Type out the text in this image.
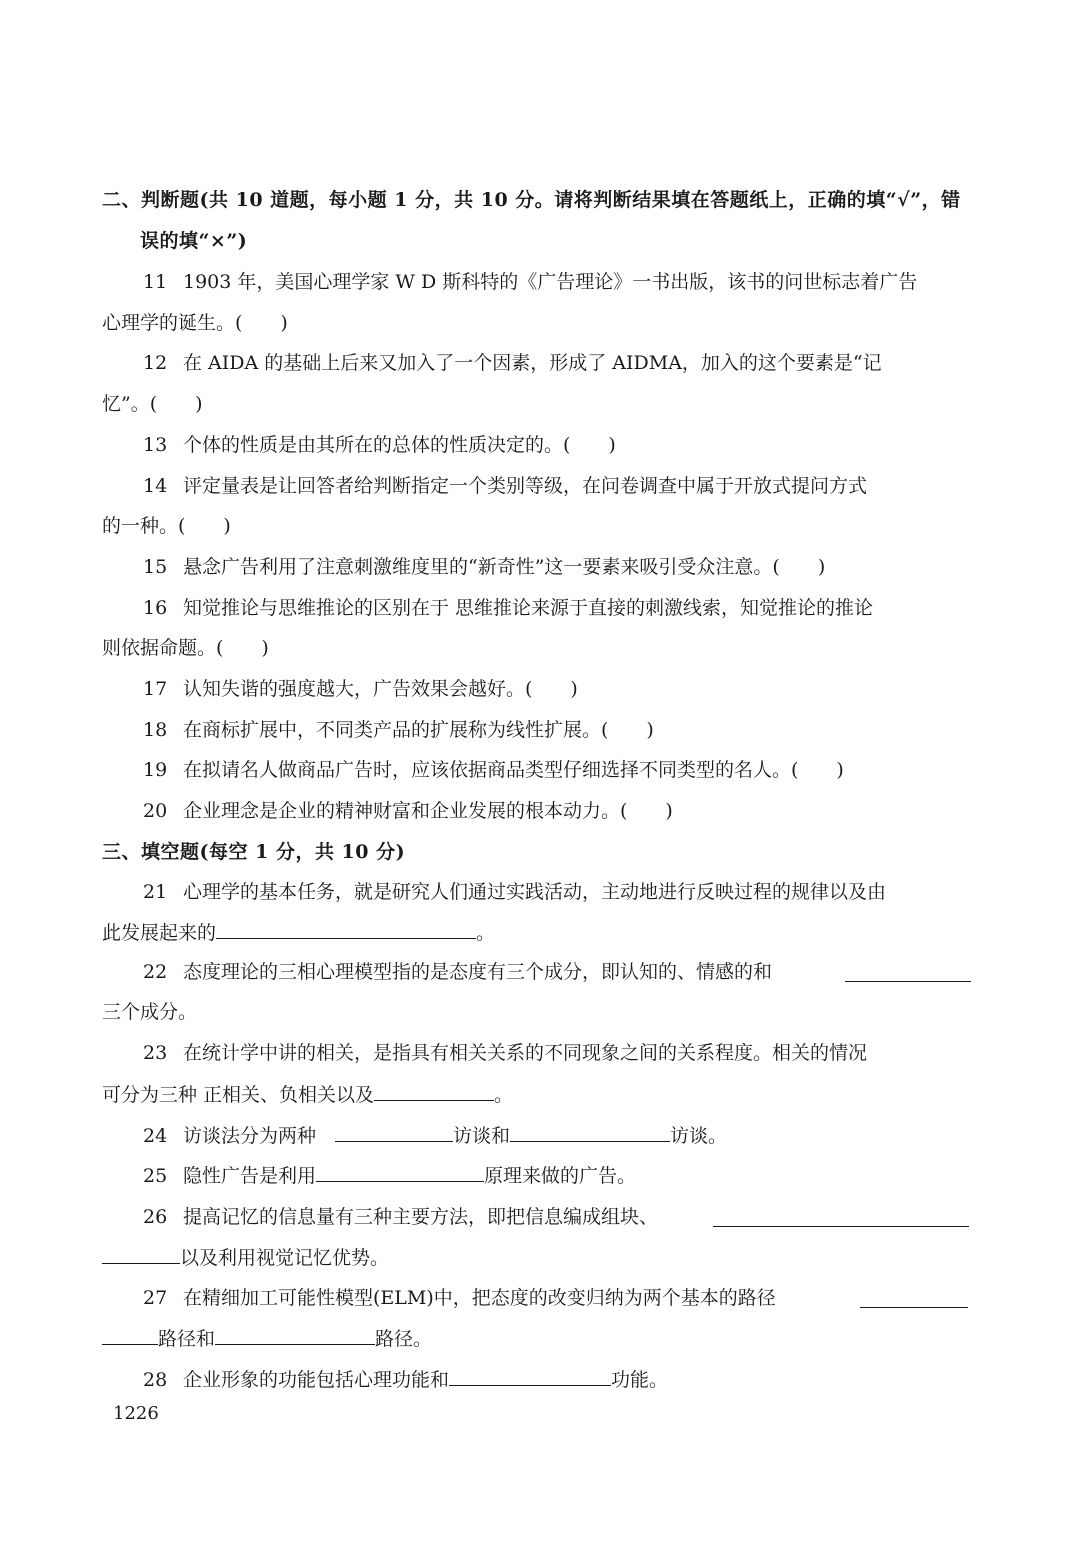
二、判断题(共 10 道题，每小题 1 分，共 10 分。请将判断结果填在答题纸上，正确的填“√”，错
误的填“×”)
11 1903 年，美国心理学家 W D 斯科特的《广告理论》一书出版，该书的问世标志着广告
心理学的诞生。(　　)
12 在 AIDA 的基础上后来又加入了一个因素，形成了 AIDMA，加入的这个要素是“记
忆”。(　　)
13 个体的性质是由其所在的总体的性质决定的。(　　)
14 评定量表是让回答者给判断指定一个类别等级，在问卷调查中属于开放式提问方式
的一种。(　　)
15 悬念广告利用了注意刺激维度里的“新奇性”这一要素来吸引受众注意。(　　)
16 知觉推论与思维推论的区别在于 思维推论来源于直接的刺激线索，知觉推论的推论
则依据命题。(　　)
17 认知失谐的强度越大，广告效果会越好。(　　)
18 在商标扩展中，不同类产品的扩展称为线性扩展。(　　)
19 在拟请名人做商品广告时，应该依据商品类型仔细选择不同类型的名人。(　　)
20 企业理念是企业的精神财富和企业发展的根本动力。(　　)
三、填空题(每空 1 分，共 10 分)
21 心理学的基本任务，就是研究人们通过实践活动，主动地进行反映过程的规律以及由
此发展起来的	。
22 态度理论的三相心理模型指的是态度有三个成分，即认知的、情感的和
三个成分。
23 在统计学中讲的相关，是指具有相关关系的不同现象之间的关系程度。相关的情况
可分为三种 正相关、负相关以及	。
24 访谈法分为两种 	访谈和	访谈。
25 隐性广告是利用	原理来做的广告。
26 提高记忆的信息量有三种主要方法，即把信息编成组块、
以及利用视觉记忆优势。
27 在精细加工可能性模型(ELM)中，把态度的改变归纳为两个基本的路径
路径和	路径。
28 企业形象的功能包括心理功能和	功能。
1226
